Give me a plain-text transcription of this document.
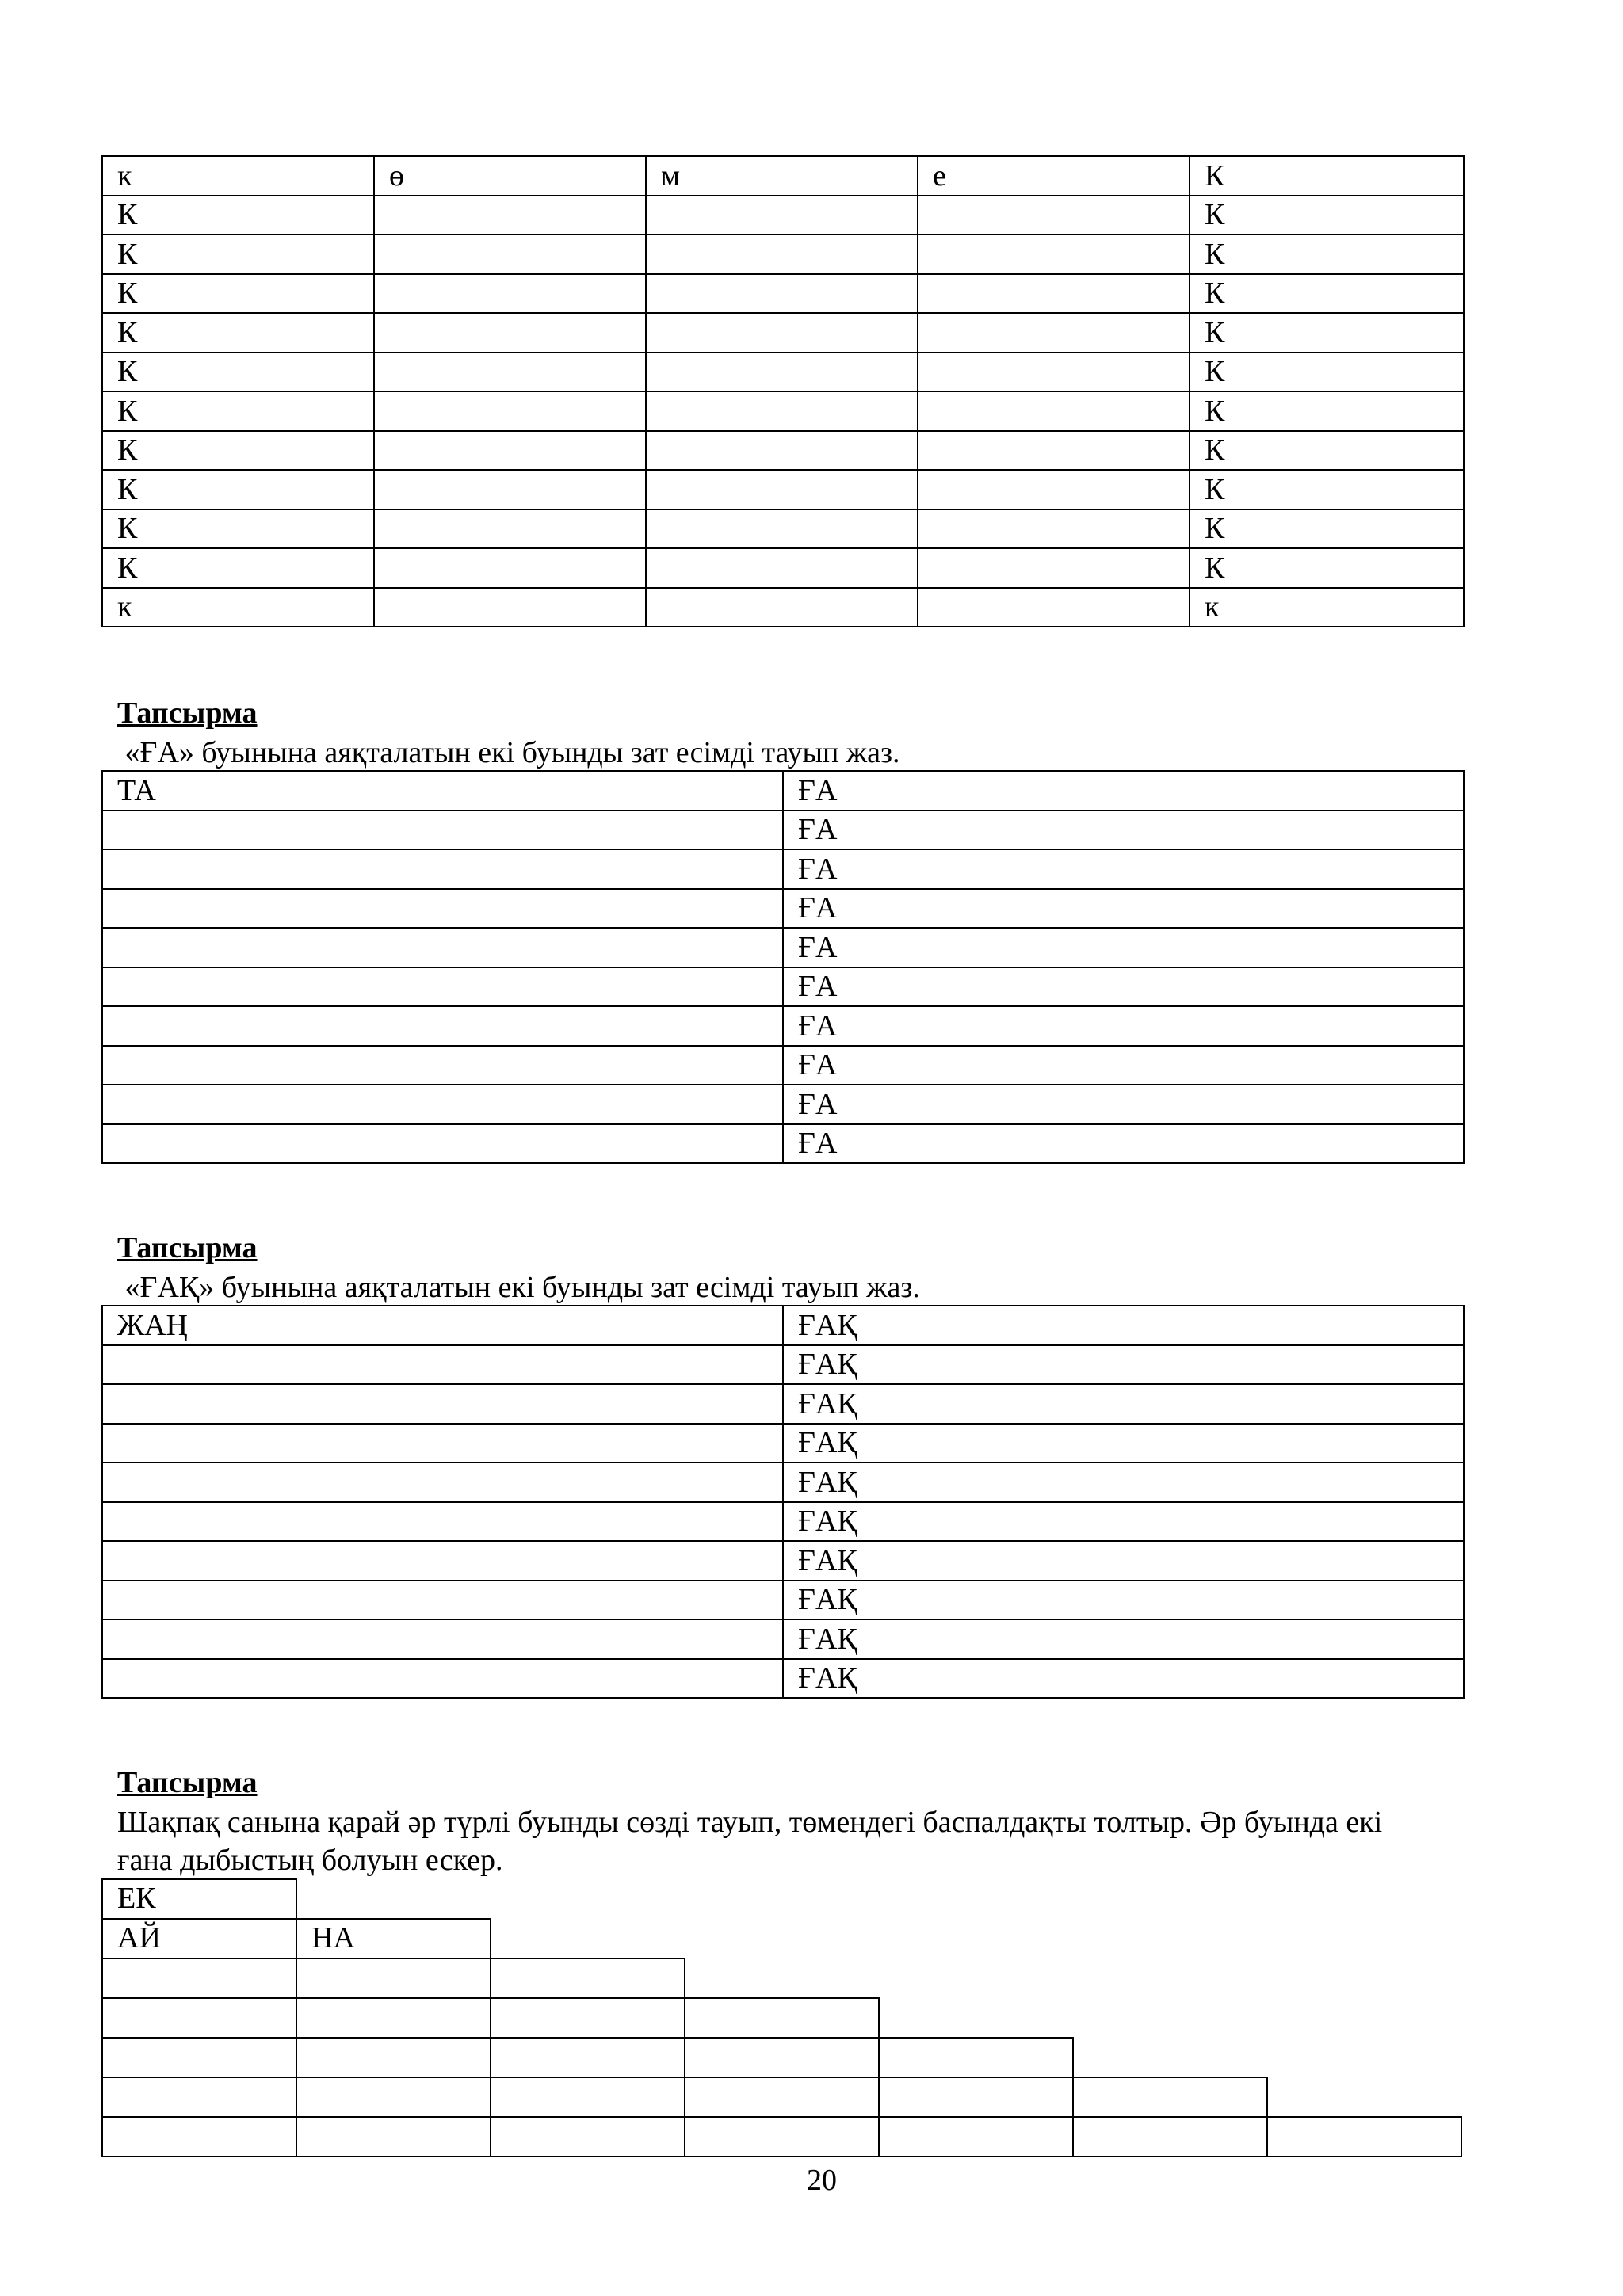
к	ө	м	е	К
К				К
К				К
К				К
К				К
К				К
К				К
К				К
К				К
К				К
К				К
к				к
Тапсырма
«ҒА» буынына аяқталатын екі буынды зат есімді тауып жаз.
ТА	ҒА
	ҒА
	ҒА
	ҒА
	ҒА
	ҒА
	ҒА
	ҒА
	ҒА
	ҒА
Тапсырма
«ҒАҚ» буынына аяқталатын екі буынды зат есімді тауып жаз.
ЖАҢ	ҒАҚ
	ҒАҚ
	ҒАҚ
	ҒАҚ
	ҒАҚ
	ҒАҚ
	ҒАҚ
	ҒАҚ
	ҒАҚ
	ҒАҚ
Тапсырма
Шақпақ санына қарай әр түрлі буынды сөзді тауып, төмендегі баспалдақты толтыр. Әр буында екі
ғана дыбыстың болуын ескер.
ЕК
АЙ	НА
20
